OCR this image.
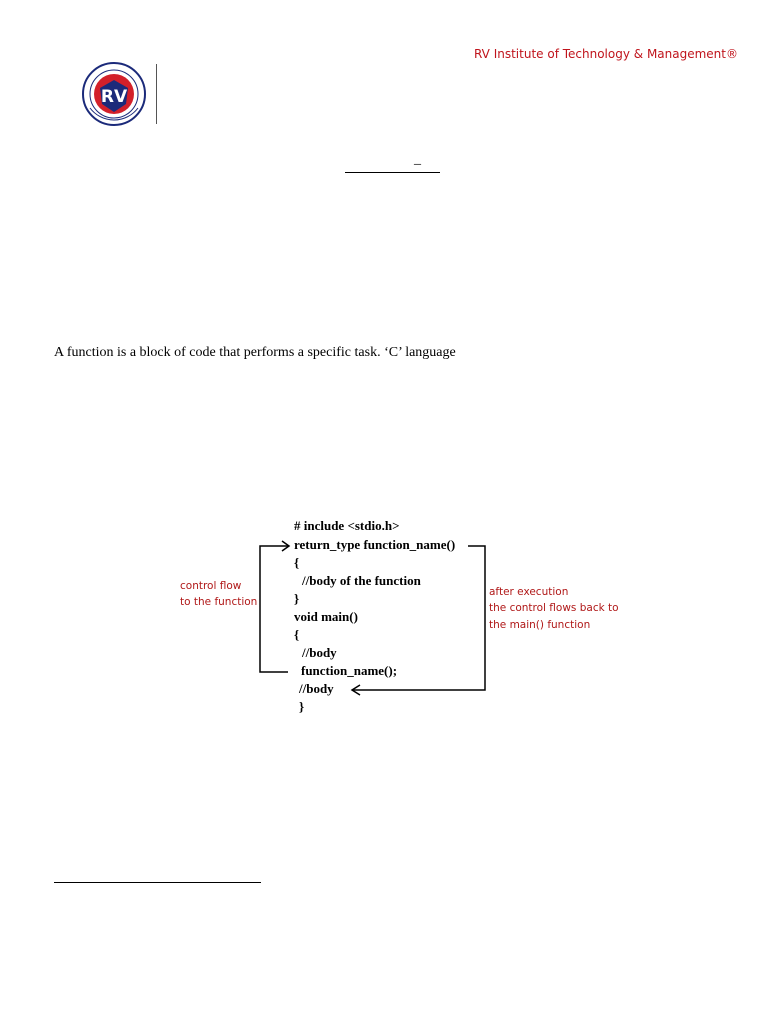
RV Institute of Technology & Management®
RV
_
A function is a block of code that performs a specific task. ‘C’ language
# include <stdio.h>
return_type function_name()
{
//body of the function
}
void main()
{
//body
function_name();
//body
}
control flow
to the function
after execution
the control flows back to
the main() function
